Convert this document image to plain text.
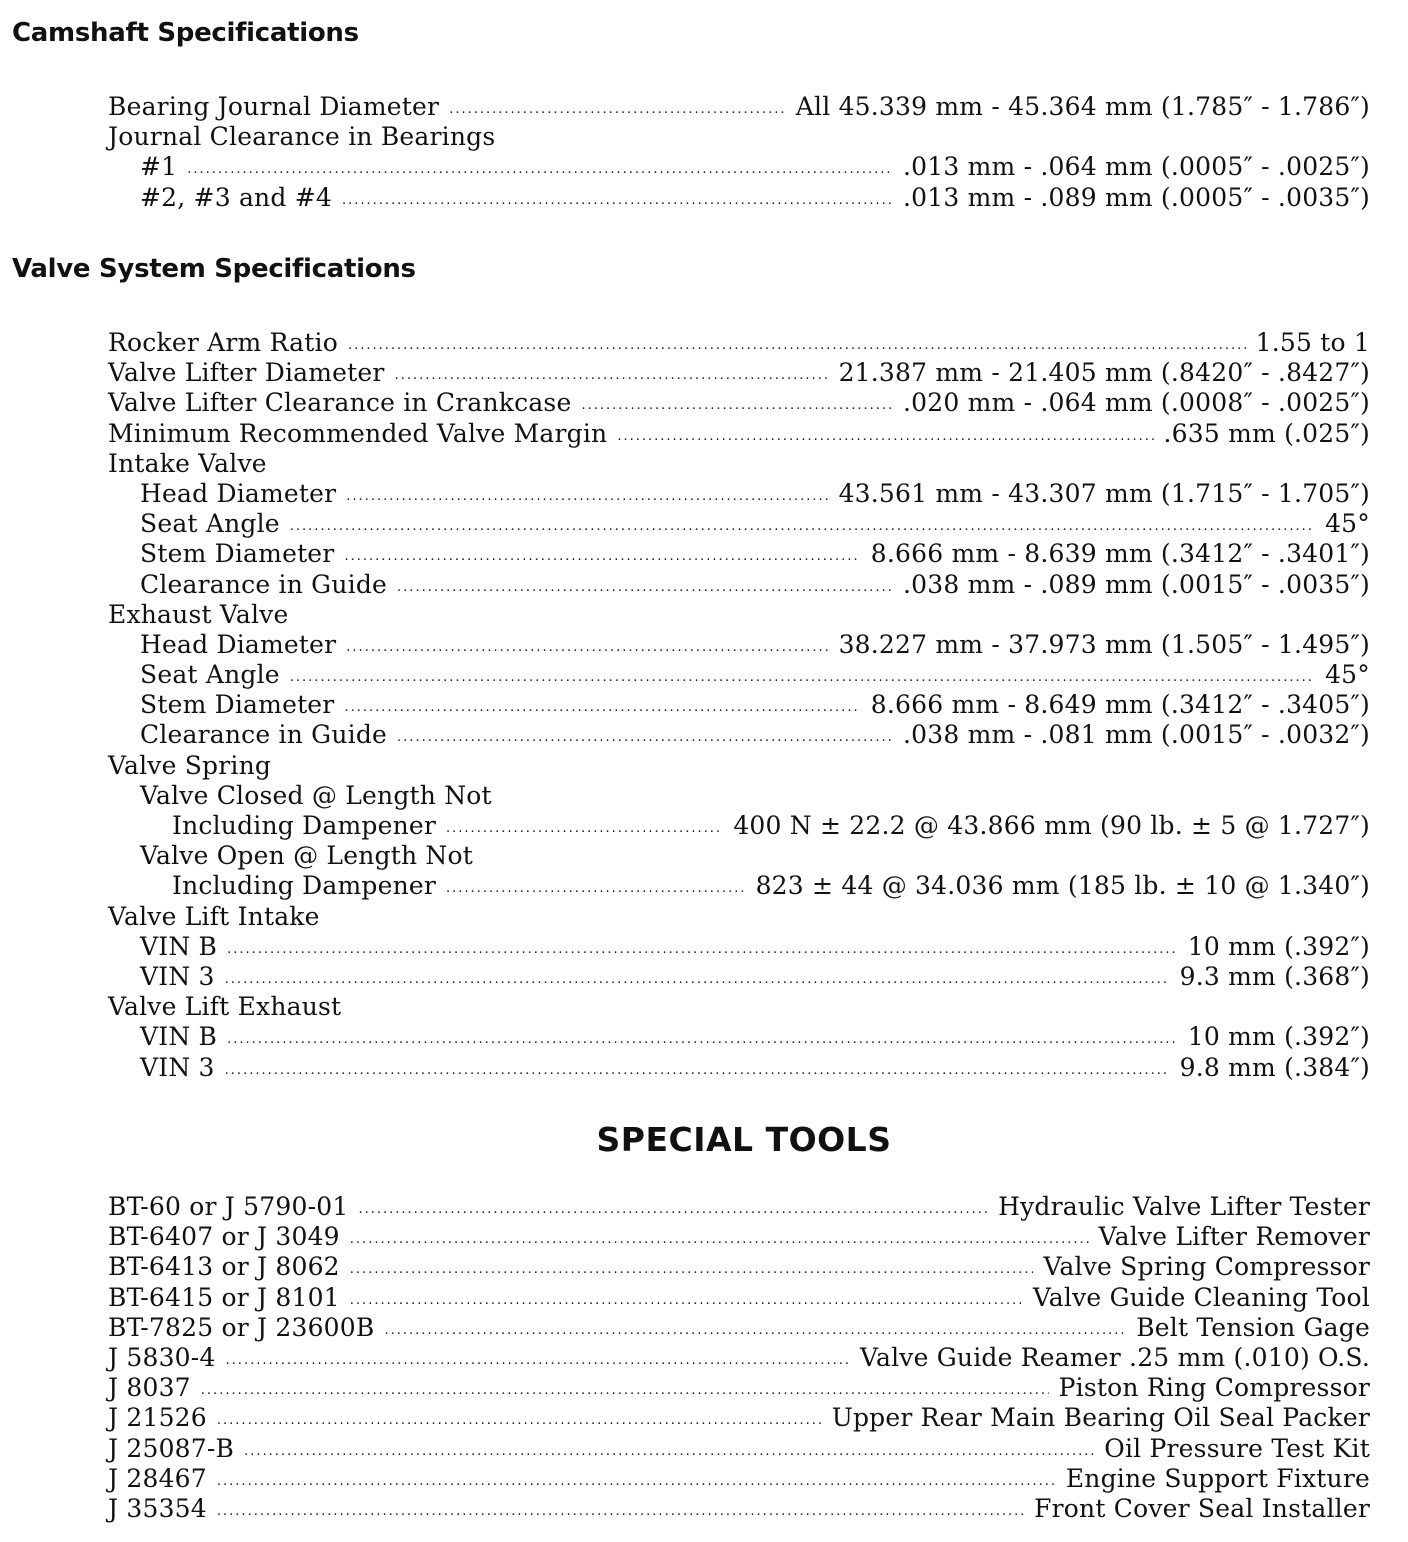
Camshaft Specifications
Bearing Journal Diameter .....	All 45.339 mm - 45.364 mm (1.785″ - 1.786″)
Journal Clearance in Bearings
#1 .....	.013 mm - .064 mm (.0005″ - .0025″)
#2, #3 and #4 .....	.013 mm - .089 mm (.0005″ - .0035″)
Valve System Specifications
Rocker Arm Ratio .....	1.55 to 1
Valve Lifter Diameter .....	21.387 mm - 21.405 mm (.8420″ - .8427″)
Valve Lifter Clearance in Crankcase .....	.020 mm - .064 mm (.0008″ - .0025″)
Minimum Recommended Valve Margin .....	.635 mm (.025″)
Intake Valve
Head Diameter .....	43.561 mm - 43.307 mm (1.715″ - 1.705″)
Seat Angle .....	45°
Stem Diameter .....	8.666 mm - 8.639 mm (.3412″ - .3401″)
Clearance in Guide .....	.038 mm - .089 mm (.0015″ - .0035″)
Exhaust Valve
Head Diameter .....	38.227 mm - 37.973 mm (1.505″ - 1.495″)
Seat Angle .....	45°
Stem Diameter .....	8.666 mm - 8.649 mm (.3412″ - .3405″)
Clearance in Guide .....	.038 mm - .081 mm (.0015″ - .0032″)
Valve Spring
Valve Closed @ Length Not
Including Dampener .....	400 N ± 22.2 @ 43.866 mm (90 lb. ± 5 @ 1.727″)
Valve Open @ Length Not
Including Dampener .....	823 ± 44 @ 34.036 mm (185 lb. ± 10 @ 1.340″)
Valve Lift Intake
VIN B .....	10 mm (.392″)
VIN 3 .....	9.3 mm (.368″)
Valve Lift Exhaust
VIN B .....	10 mm (.392″)
VIN 3 .....	9.8 mm (.384″)
SPECIAL TOOLS
BT-60 or J 5790-01 .....	Hydraulic Valve Lifter Tester
BT-6407 or J 3049 .....	Valve Lifter Remover
BT-6413 or J 8062 .....	Valve Spring Compressor
BT-6415 or J 8101 .....	Valve Guide Cleaning Tool
BT-7825 or J 23600B .....	Belt Tension Gage
J 5830-4 .....	Valve Guide Reamer .25 mm (.010) O.S.
J 8037 .....	Piston Ring Compressor
J 21526 .....	Upper Rear Main Bearing Oil Seal Packer
J 25087-B .....	Oil Pressure Test Kit
J 28467 .....	Engine Support Fixture
J 35354 .....	Front Cover Seal Installer
